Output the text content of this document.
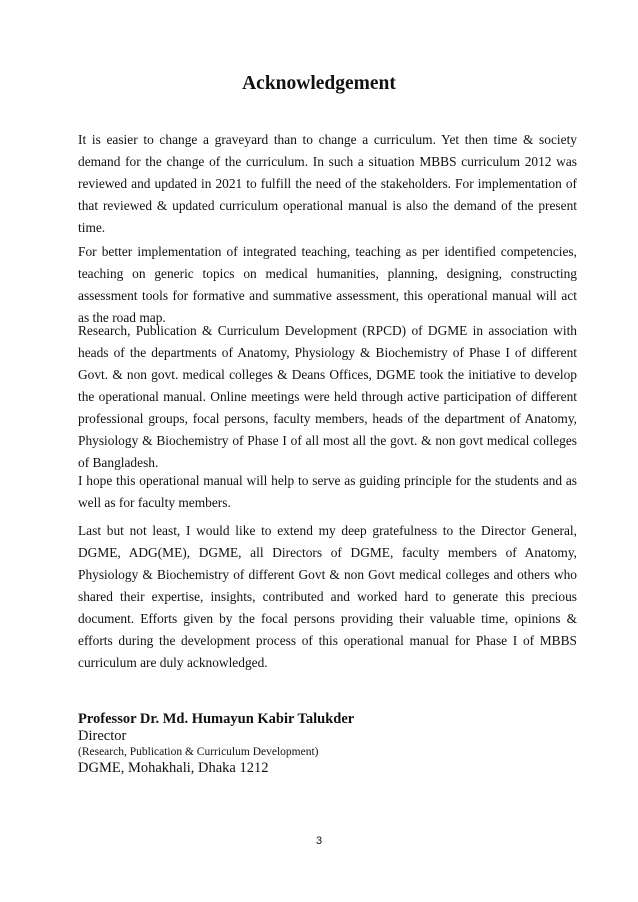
Acknowledgement

It is easier to change a graveyard than to change a curriculum. Yet then time & society demand for the change of the curriculum. In such a situation MBBS curriculum 2012 was reviewed and updated in 2021 to fulfill the need of the stakeholders. For implementation of that reviewed & updated curriculum operational manual is also the demand of the present time.

For better implementation of integrated teaching, teaching as per identified competencies, teaching on generic topics on medical humanities, planning, designing, constructing assessment tools for formative and summative assessment, this operational manual will act as the road map.

Research, Publication & Curriculum Development (RPCD) of DGME in association with heads of the departments of Anatomy, Physiology & Biochemistry of Phase I of different Govt. & non govt. medical colleges & Deans Offices, DGME took the initiative to develop the operational manual. Online meetings were held through active participation of different professional groups, focal persons, faculty members, heads of the department of Anatomy, Physiology & Biochemistry of Phase I of all most all the govt. & non govt medical colleges of Bangladesh.

I hope this operational manual will help to serve as guiding principle for the students and as well as for faculty members.

Last but not least, I would like to extend my deep gratefulness to the Director General, DGME, ADG(ME), DGME, all Directors of DGME, faculty members of Anatomy, Physiology & Biochemistry of different Govt & non Govt medical colleges and others who shared their expertise, insights, contributed and worked hard to generate this precious document. Efforts given by the focal persons providing their valuable time, opinions & efforts during the development process of this operational manual for Phase I of MBBS curriculum are duly acknowledged.

Professor Dr. Md. Humayun Kabir Talukder
Director
(Research, Publication & Curriculum Development)
DGME, Mohakhali, Dhaka 1212
3
